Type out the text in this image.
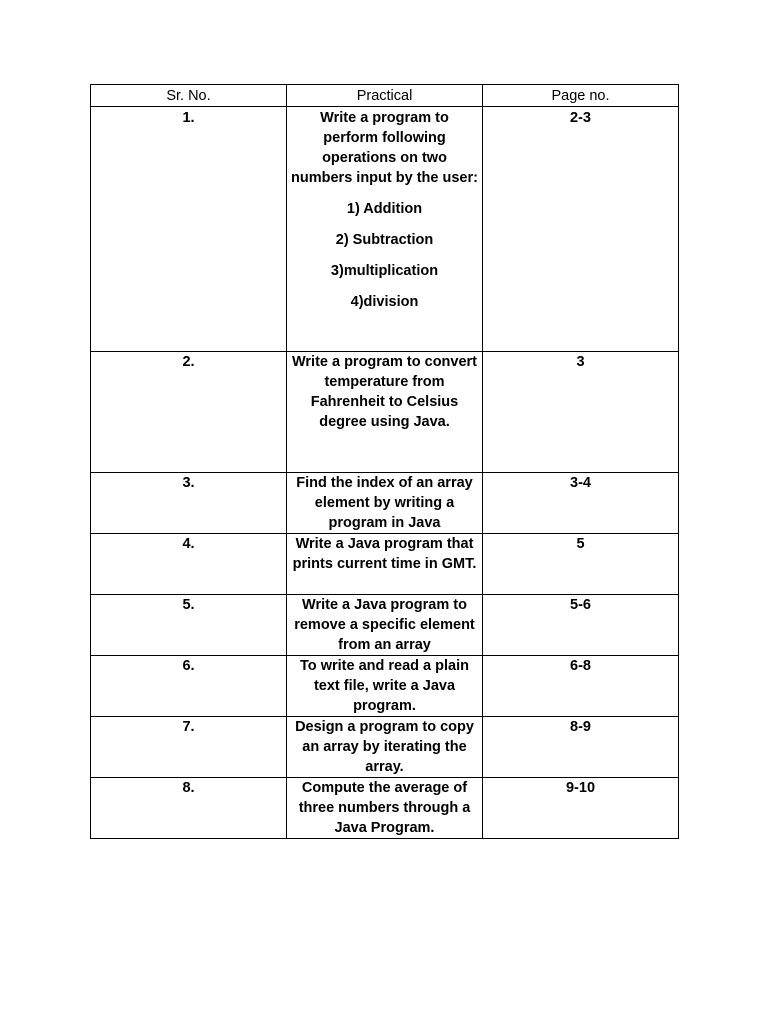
Sr. No.	Practical	Page no.
1.	Write a program to perform following operations on two numbers input by the user:
1) Addition
2) Subtraction
3)multiplication
4)division	2-3
2.	Write a program to convert temperature from Fahrenheit to Celsius degree using Java.	3
3.	Find the index of an array element by writing a program in Java	3-4
4.	Write a Java program that prints current time in GMT.	5
5.	Write a Java program to remove a specific element from an array	5-6
6.	To write and read a plain text file, write a Java program.	6-8
7.	Design a program to copy an array by iterating the array.	8-9
8.	Compute the average of three numbers through a Java Program.	9-10
